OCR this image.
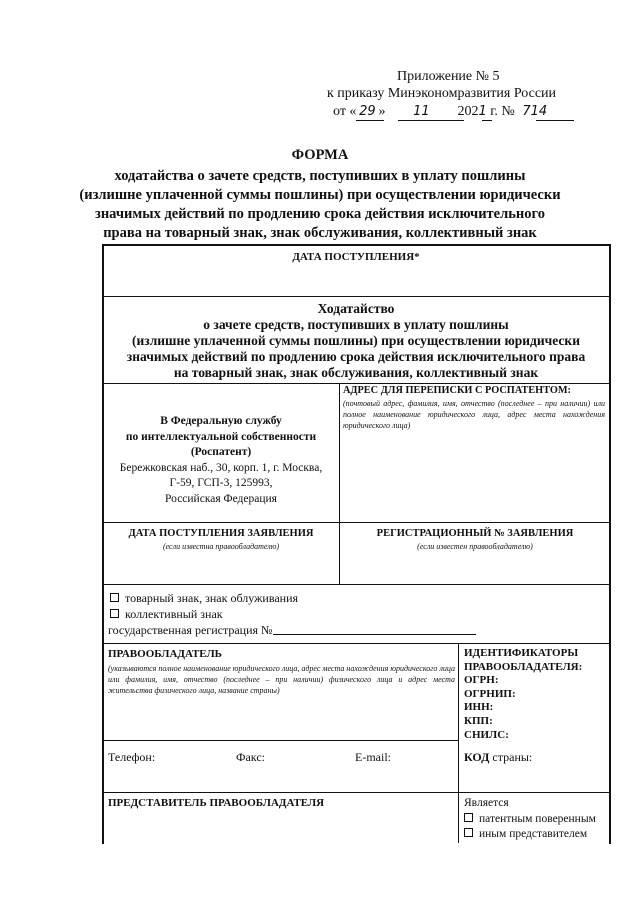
Приложение № 5
к приказу Минэкономразвития России
от « 29 » 11 2021 г. № 714
ФОРМА
ходатайства о зачете средств, поступивших в уплату пошлины
(излишне уплаченной суммы пошлины) при осуществлении юридически
значимых действий по продлению срока действия исключительного
права на товарный знак, знак обслуживания, коллективный знак
ДАТА ПОСТУПЛЕНИЯ*
Ходатайство
о зачете средств, поступивших в уплату пошлины
(излишне уплаченной суммы пошлины) при осуществлении юридически
значимых действий по продлению срока действия исключительного права
на товарный знак, знак обслуживания, коллективный знак
В Федеральную службу
по интеллектуальной собственности
(Роспатент)
Бережковская наб., 30, корп. 1, г. Москва,
Г-59, ГСП-3, 125993,
Российская Федерация
АДРЕС ДЛЯ ПЕРЕПИСКИ С РОСПАТЕНТОМ:
(почтовый адрес, фамилия, имя, отчество (последнее – при наличии) или полное наименование юридического лица, адрес места нахождения юридического лица)
ДАТА ПОСТУПЛЕНИЯ ЗАЯВЛЕНИЯ
(если известна правообладателю)
РЕГИСТРАЦИОННЫЙ № ЗАЯВЛЕНИЯ
(если известен правообладателю)
товарный знак, знак облуживания
коллективный знак
государственная регистрация №
ПРАВООБЛАДАТЕЛЬ
(указываются полное наименование юридического лица, адрес места нахождения юридического лица или фамилия, имя, отчество (последнее – при наличии) физического лица и адрес места жительства физического лица, название страны)
ИДЕНТИФИКАТОРЫ
ПРАВООБЛАДАТЕЛЯ:
ОГРН:
ОГРНИП:
ИНН:
КПП:
СНИЛС:
Телефон:	Факс:	E-mail:	КОД страны:
ПРЕДСТАВИТЕЛЬ ПРАВООБЛАДАТЕЛЯ	Является
патентным поверенным
иным представителем
